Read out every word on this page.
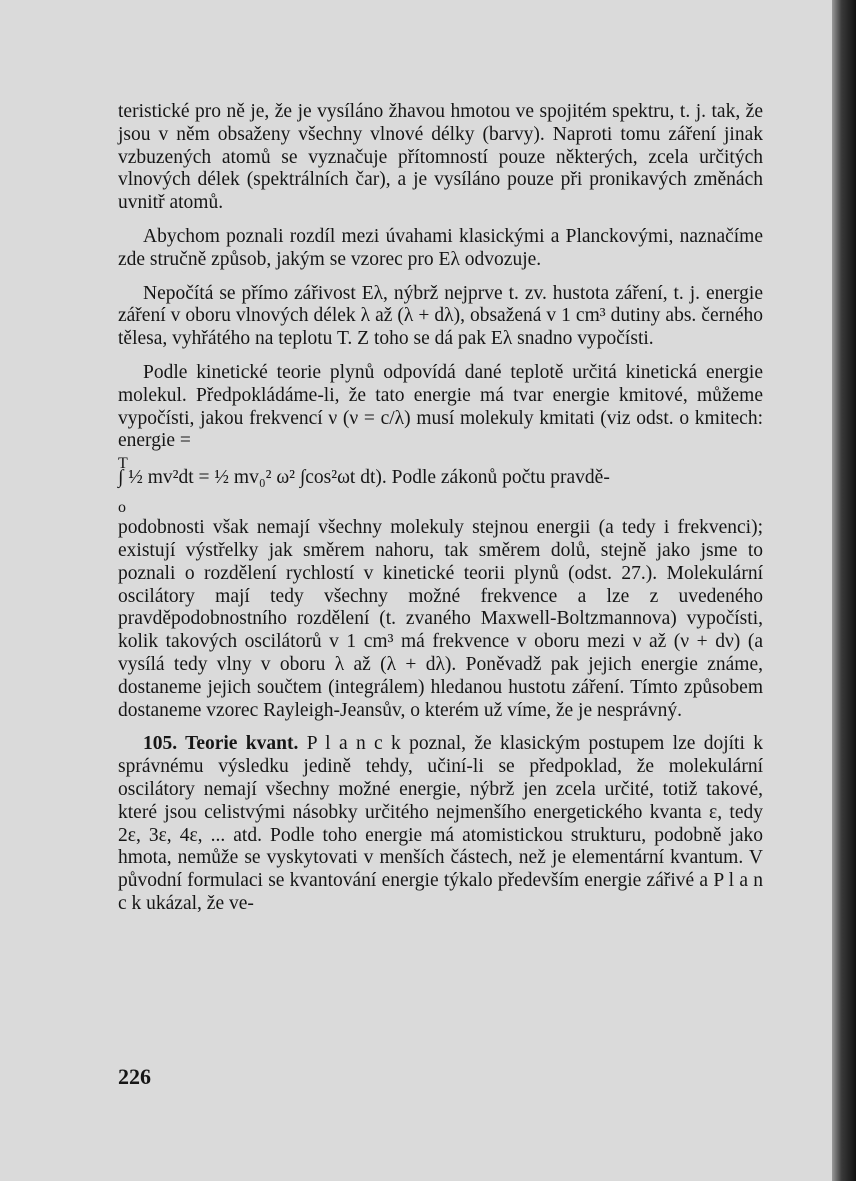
teristické pro ně je, že je vysíláno žhavou hmotou ve spojitém spektru, t. j. tak, že jsou v něm obsaženy všechny vlnové délky (barvy). Naproti tomu záření jinak vzbuzených atomů se vyznačuje přítomností pouze některých, zcela určitých vlnových délek (spektrálních čar), a je vysíláno pouze při pronikavých změnách uvnitř atomů.

Abychom poznali rozdíl mezi úvahami klasickými a Planckovými, naznačíme zde stručně způsob, jakým se vzorec pro Eλ odvozuje.

Nepočítá se přímo zářivost Eλ, nýbrž nejprve t. zv. hustota záření, t. j. energie záření v oboru vlnových délek λ až (λ + dλ), obsažená v 1 cm³ dutiny abs. černého tělesa, vyhřátého na teplotu T. Z toho se dá pak Eλ snadno vypočísti.

Podle kinetické teorie plynů odpovídá dané teplotě určitá kinetická energie molekul. Předpokládáme-li, že tato energie má tvar energie kmitové, můžeme vypočísti, jakou frekvencí ν (ν = c/λ) musí molekuly kmitati (viz odst. o kmitech: energie =

T
∫ ½ mv²dt = ½ mv₀² ω² ∫cos²ωt dt). Podle zákonů počtu pravdě-
o

podobnosti však nemají všechny molekuly stejnou energii (a tedy i frekvenci); existují výstřelky jak směrem nahoru, tak směrem dolů, stejně jako jsme to poznali o rozdělení rychlostí v kinetické teorii plynů (odst. 27.). Molekulární oscilátory mají tedy všechny možné frekvence a lze z uvedeného pravděpodobnostního rozdělení (t. zvaného Maxwell-Boltzmannova) vypočísti, kolik takových oscilátorů v 1 cm³ má frekvence v oboru mezi ν až (ν + dν) (a vysílá tedy vlny v oboru λ až (λ + dλ). Poněvadž pak jejich energie známe, dostaneme jejich součtem (integrálem) hledanou hustotu záření. Tímto způsobem dostaneme vzorec Rayleigh-Jeansův, o kterém už víme, že je nesprávný.

105. Teorie kvant. P l a n c k poznal, že klasickým postupem lze dojíti k správnému výsledku jedině tehdy, učiní-li se předpoklad, že molekulární oscilátory nemají všechny možné energie, nýbrž jen zcela určité, totiž takové, které jsou celistvými násobky určitého nejmenšího energetického kvanta ε, tedy 2ε, 3ε, 4ε, ... atd. Podle toho energie má atomistickou strukturu, podobně jako hmota, nemůže se vyskytovati v menších částech, než je elementární kvantum. V původní formulaci se kvantování energie týkalo především energie zářivé a P l a n c k ukázal, že ve-

226
